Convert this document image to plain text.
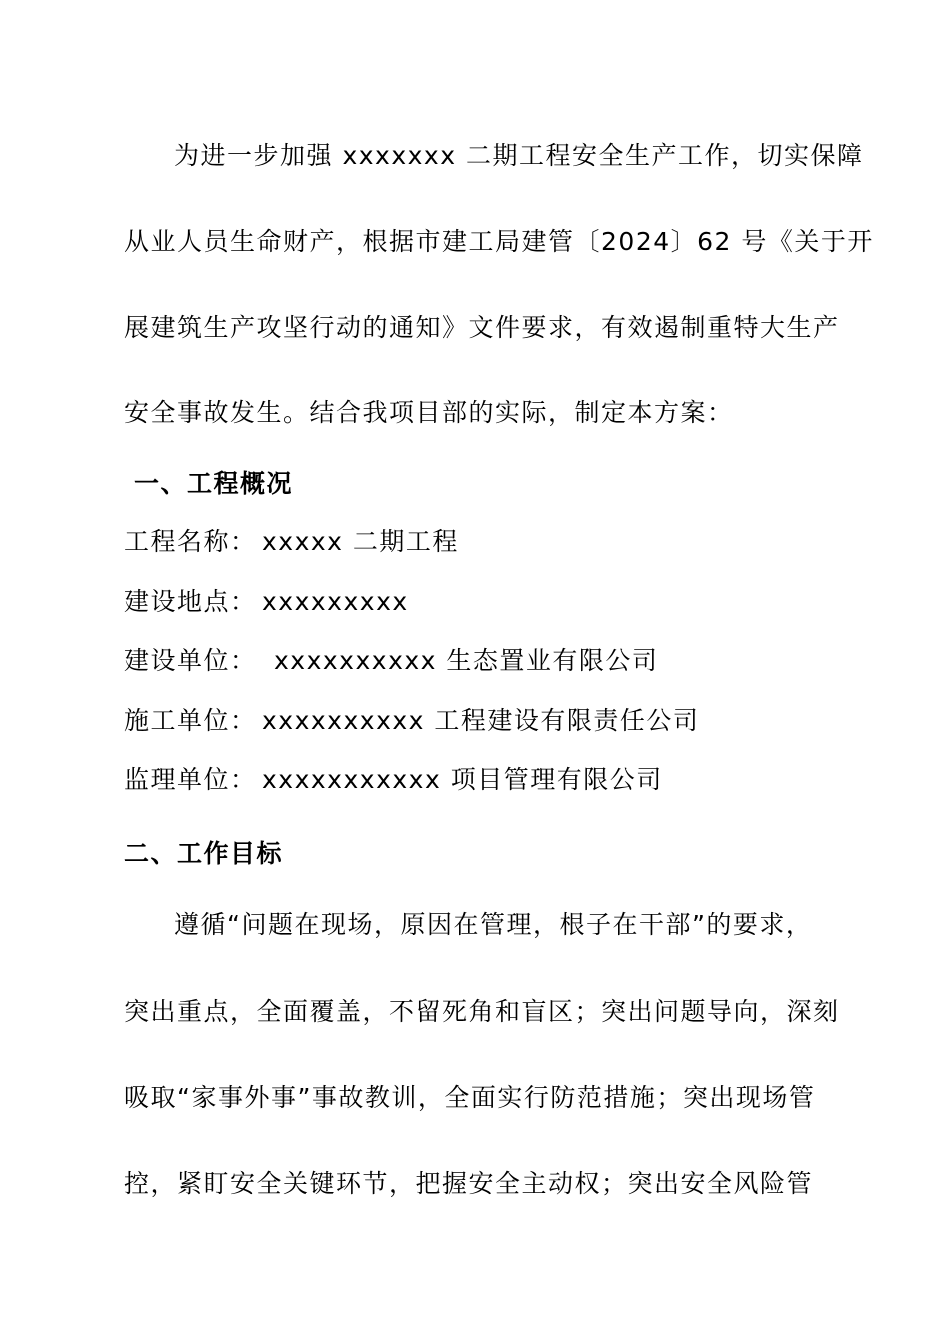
为进一步加强 xxxxxxx 二期工程安全生产工作，切实保障
从业人员生命财产，根据市建工局建管〔2024〕62 号《关于开
展建筑生产攻坚行动的通知》文件要求，有效遏制重特大生产
安全事故发生。结合我项目部的实际，制定本方案：
一、工程概况
工程名称： xxxxx 二期工程
建设地点： xxxxxxxxx
建设单位： xxxxxxxxxx 生态置业有限公司
施工单位： xxxxxxxxxx 工程建设有限责任公司
监理单位： xxxxxxxxxxx 项目管理有限公司
二、工作目标
遵循“问题在现场，原因在管理，根子在干部”的要求，
突出重点，全面覆盖，不留死角和盲区；突出问题导向，深刻
吸取“家事外事”事故教训，全面实行防范措施；突出现场管
控，紧盯安全关键环节，把握安全主动权；突出安全风险管
